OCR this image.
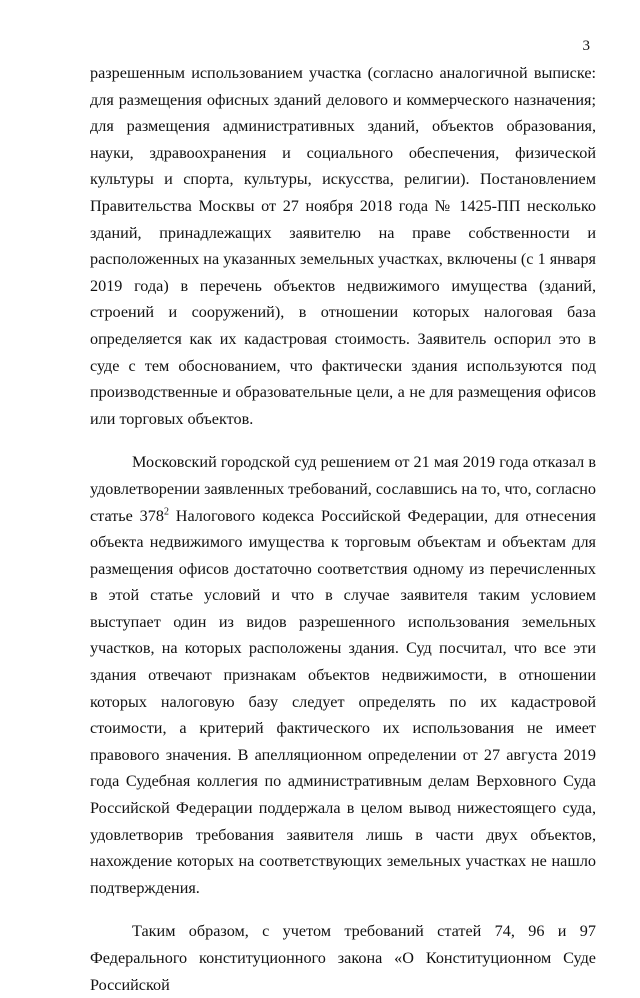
3

разрешенным использованием участка (согласно аналогичной выписке: для размещения офисных зданий делового и коммерческого назначения; для размещения административных зданий, объектов образования, науки, здравоохранения и социального обеспечения, физической культуры и спорта, культуры, искусства, религии). Постановлением Правительства Москвы от 27 ноября 2018 года № 1425-ПП несколько зданий, принадлежащих заявителю на праве собственности и расположенных на указанных земельных участках, включены (с 1 января 2019 года) в перечень объектов недвижимого имущества (зданий, строений и сооружений), в отношении которых налоговая база определяется как их кадастровая стоимость. Заявитель оспорил это в суде с тем обоснованием, что фактически здания используются под производственные и образовательные цели, а не для размещения офисов или торговых объектов.

Московский городской суд решением от 21 мая 2019 года отказал в удовлетворении заявленных требований, сославшись на то, что, согласно статье $378^2$ Налогового кодекса Российской Федерации, для отнесения объекта недвижимого имущества к торговым объектам и объектам для размещения офисов достаточно соответствия одному из перечисленных в этой статье условий и что в случае заявителя таким условием выступает один из видов разрешенного использования земельных участков, на которых расположены здания. Суд посчитал, что все эти здания отвечают признакам объектов недвижимости, в отношении которых налоговую базу следует определять по их кадастровой стоимости, а критерий фактического их использования не имеет правового значения. В апелляционном определении от 27 августа 2019 года Судебная коллегия по административным делам Верховного Суда Российской Федерации поддержала в целом вывод нижестоящего суда, удовлетворив требования заявителя лишь в части двух объектов, нахождение которых на соответствующих земельных участках не нашло подтверждения.

Таким образом, с учетом требований статей 74, 96 и 97 Федерального конституционного закона «О Конституционном Суде Российской
